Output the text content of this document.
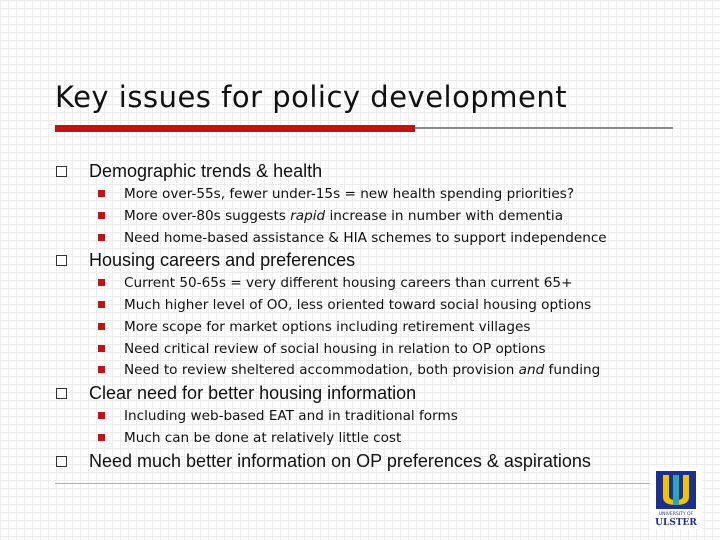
Key issues for policy development
Demographic trends & health
More over-55s, fewer under-15s = new health spending priorities?
More over-80s suggests rapid increase in number with dementia
Need home-based assistance & HIA schemes to support independence
Housing careers and preferences
Current 50-65s = very different housing careers than current 65+
Much higher level of OO, less oriented toward social housing options
More scope for market options including retirement villages
Need critical review of social housing in relation to OP options
Need to review sheltered accommodation, both provision and funding
Clear need for better housing information
Including web-based EAT and in traditional forms
Much can be done at relatively little cost
Need much better information on OP preferences & aspirations
UNIVERSITY OF
ULSTER
